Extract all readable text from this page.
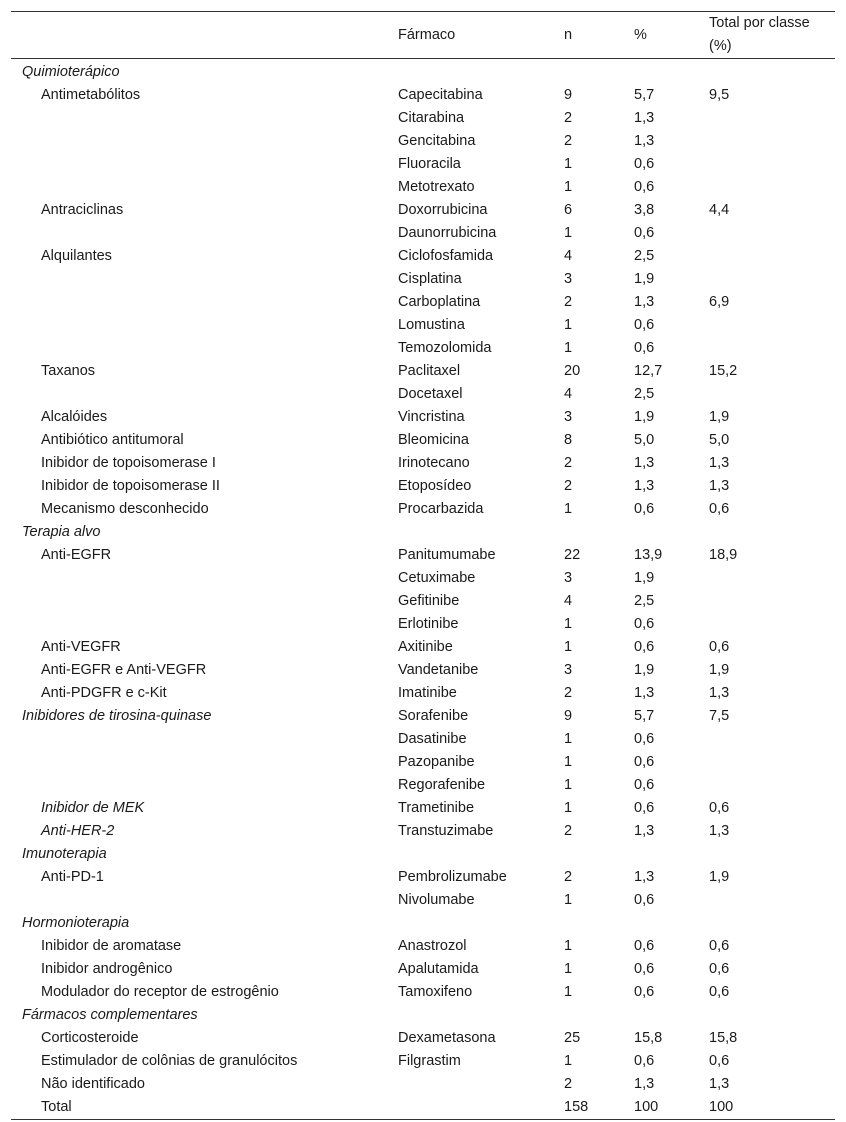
	Fármaco	n	%	Total por classe (%)
Quimioterápico				
Antimetabólitos	Capecitabina	9	5,7	9,5
	Citarabina	2	1,3	
	Gencitabina	2	1,3	
	Fluoracila	1	0,6	
	Metotrexato	1	0,6	
Antraciclinas	Doxorrubicina	6	3,8	4,4
	Daunorrubicina	1	0,6	
Alquilantes	Ciclofosfamida	4	2,5	
	Cisplatina	3	1,9	
	Carboplatina	2	1,3	6,9
	Lomustina	1	0,6	
	Temozolomida	1	0,6	
Taxanos	Paclitaxel	20	12,7	15,2
	Docetaxel	4	2,5	
Alcalóides	Vincristina	3	1,9	1,9
Antibiótico antitumoral	Bleomicina	8	5,0	5,0
Inibidor de topoisomerase I	Irinotecano	2	1,3	1,3
Inibidor de topoisomerase II	Etoposídeo	2	1,3	1,3
Mecanismo desconhecido	Procarbazida	1	0,6	0,6
Terapia alvo				
Anti-EGFR	Panitumumabe	22	13,9	18,9
	Cetuximabe	3	1,9	
	Gefitinibe	4	2,5	
	Erlotinibe	1	0,6	
Anti-VEGFR	Axitinibe	1	0,6	0,6
Anti-EGFR e Anti-VEGFR	Vandetanibe	3	1,9	1,9
Anti-PDGFR e c-Kit	Imatinibe	2	1,3	1,3
Inibidores de tirosina-quinase	Sorafenibe	9	5,7	7,5
	Dasatinibe	1	0,6	
	Pazopanibe	1	0,6	
	Regorafenibe	1	0,6	
Inibidor de MEK	Trametinibe	1	0,6	0,6
Anti-HER-2	Transtuzimabe	2	1,3	1,3
Imunoterapia				
Anti-PD-1	Pembrolizumabe	2	1,3	1,9
	Nivolumabe	1	0,6	
Hormonioterapia				
Inibidor de aromatase	Anastrozol	1	0,6	0,6
Inibidor androgênico	Apalutamida	1	0,6	0,6
Modulador do receptor de estrogênio	Tamoxifeno	1	0,6	0,6
Fármacos complementares				
Corticosteroide	Dexametasona	25	15,8	15,8
Estimulador de colônias de granulócitos	Filgrastim	1	0,6	0,6
Não identificado		2	1,3	1,3
Total		158	100	100
